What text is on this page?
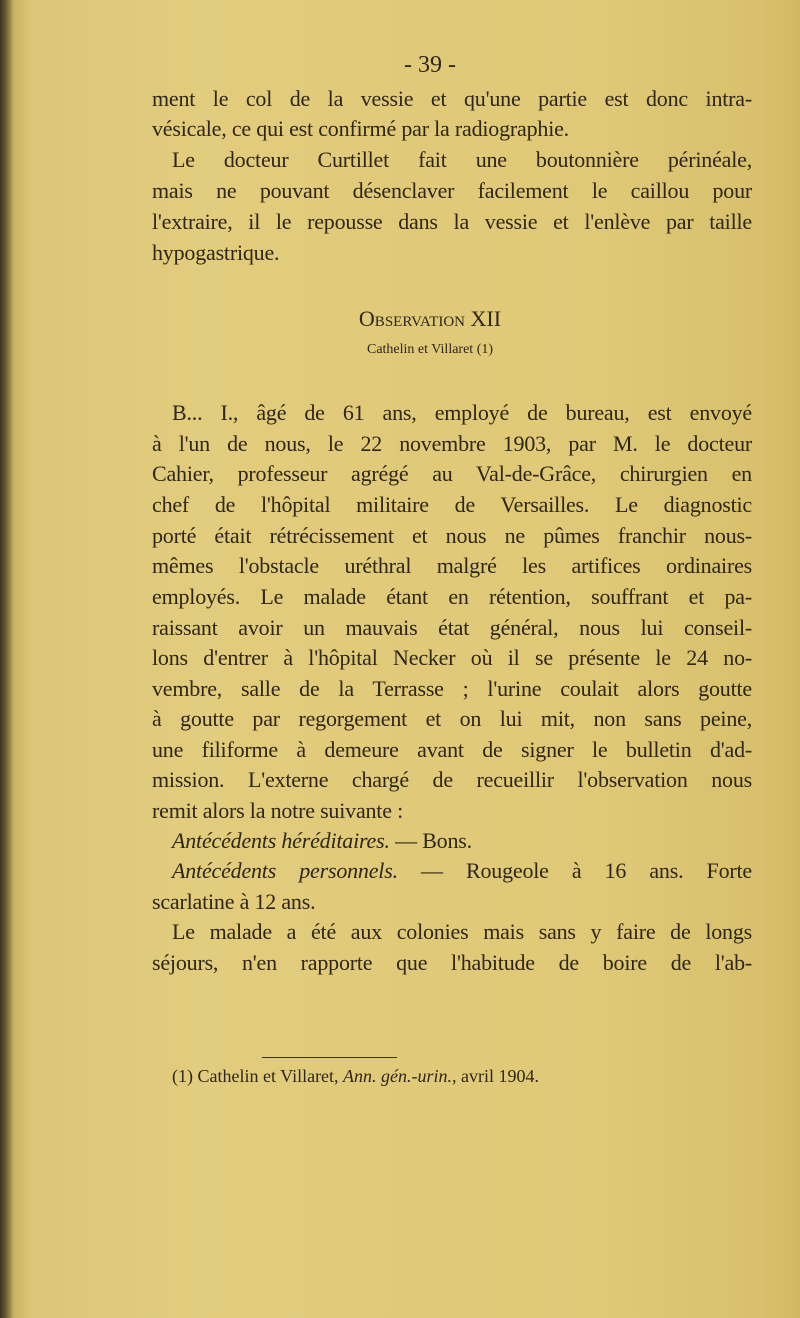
- 39 -
ment le col de la vessie et qu'une partie est donc intra-
vésicale, ce qui est confirmé par la radiographie.
Le docteur Curtillet fait une boutonnière périnéale,
mais ne pouvant désenclaver facilement le caillou pour
l'extraire, il le repousse dans la vessie et l'enlève par taille
hypogastrique.
Observation XII
Cathelin et Villaret (1)
B... I., âgé de 61 ans, employé de bureau, est envoyé
à l'un de nous, le 22 novembre 1903, par M. le docteur
Cahier, professeur agrégé au Val-de-Grâce, chirurgien en
chef de l'hôpital militaire de Versailles. Le diagnostic
porté était rétrécissement et nous ne pûmes franchir nous-
mêmes l'obstacle uréthral malgré les artifices ordinaires
employés. Le malade étant en rétention, souffrant et pa-
raissant avoir un mauvais état général, nous lui conseil-
lons d'entrer à l'hôpital Necker où il se présente le 24 no-
vembre, salle de la Terrasse ; l'urine coulait alors goutte
à goutte par regorgement et on lui mit, non sans peine,
une filiforme à demeure avant de signer le bulletin d'ad-
mission. L'externe chargé de recueillir l'observation nous
remit alors la notre suivante :
Antécédents héréditaires. — Bons.
Antécédents personnels. — Rougeole à 16 ans. Forte
scarlatine à 12 ans.
Le malade a été aux colonies mais sans y faire de longs
séjours, n'en rapporte que l'habitude de boire de l'ab-
(1) Cathelin et Villaret, Ann. gén.-urin., avril 1904.
